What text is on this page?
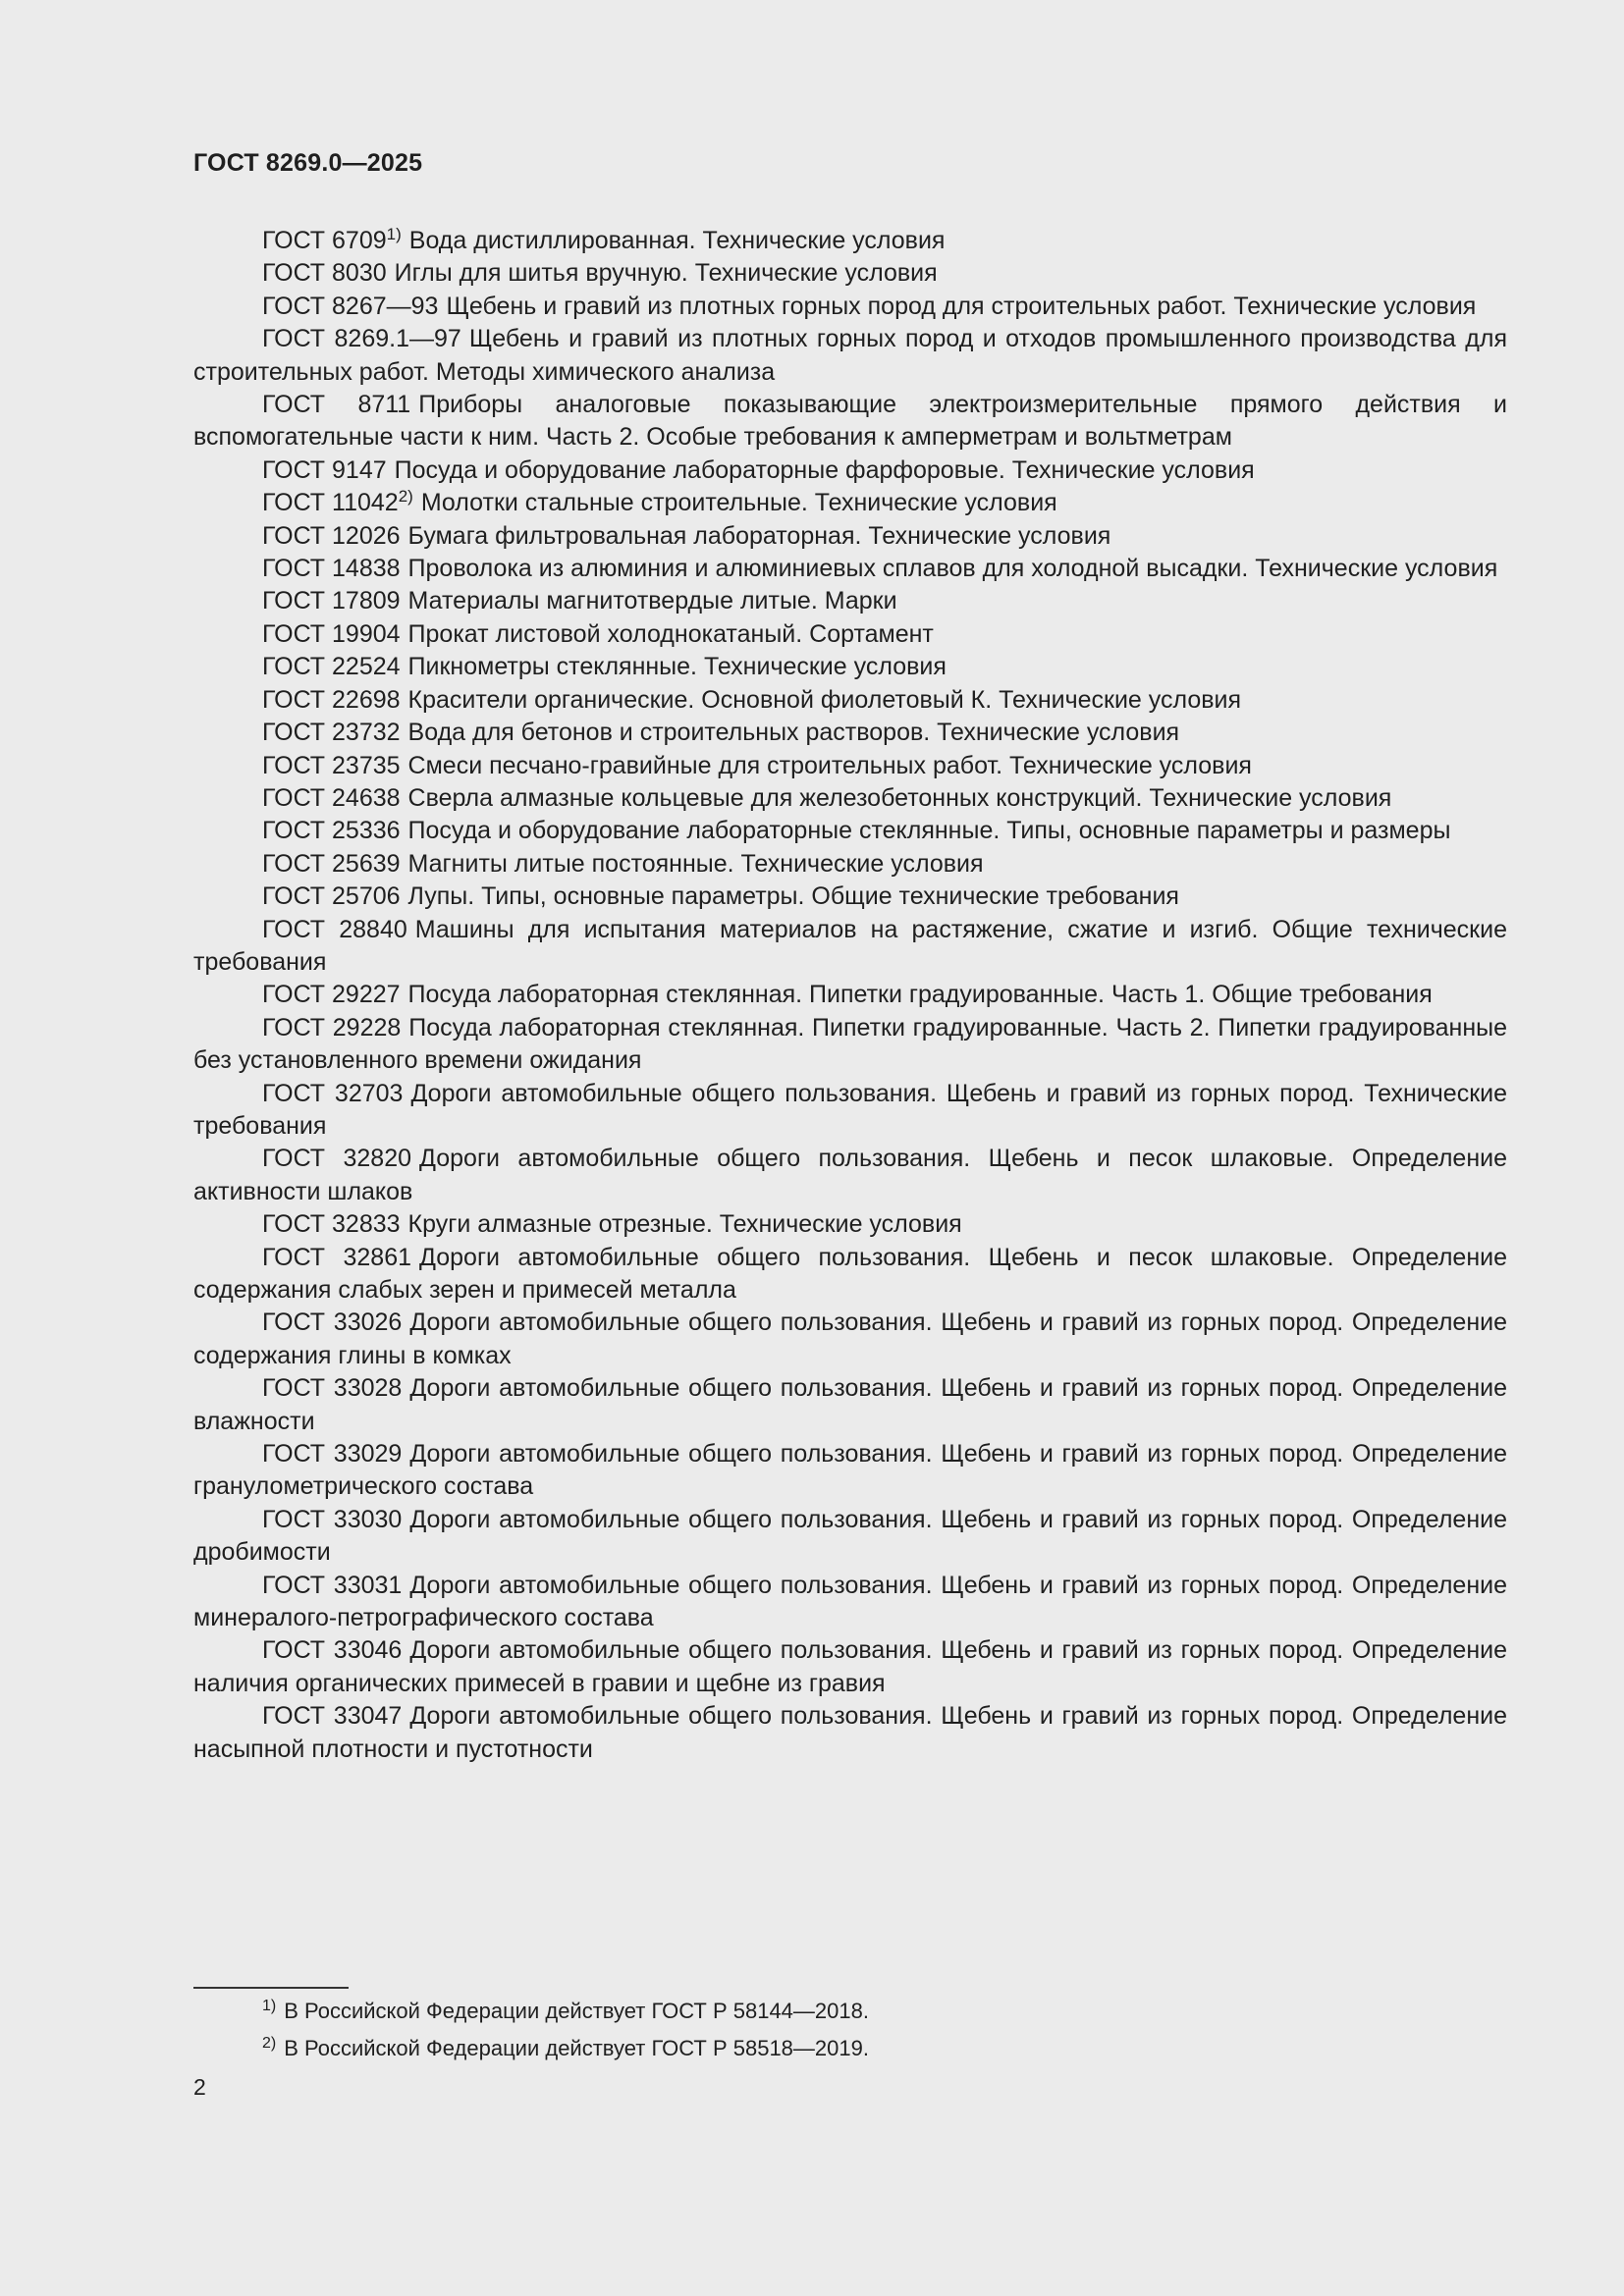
ГОСТ 8269.0—2025

ГОСТ 6709$^{1)}$ Вода дистиллированная. Технические условия

ГОСТ 8030 Иглы для шитья вручную. Технические условия

ГОСТ 8267—93 Щебень и гравий из плотных горных пород для строительных работ. Технические условия

ГОСТ 8269.1—97 Щебень и гравий из плотных горных пород и отходов промышленного производства для строительных работ. Методы химического анализа

ГОСТ 8711 Приборы аналоговые показывающие электроизмерительные прямого действия и вспомогательные части к ним. Часть 2. Особые требования к амперметрам и вольтметрам

ГОСТ 9147 Посуда и оборудование лабораторные фарфоровые. Технические условия

ГОСТ 11042$^{2)}$ Молотки стальные строительные. Технические условия

ГОСТ 12026 Бумага фильтровальная лабораторная. Технические условия

ГОСТ 14838 Проволока из алюминия и алюминиевых сплавов для холодной высадки. Технические условия

ГОСТ 17809 Материалы магнитотвердые литые. Марки

ГОСТ 19904 Прокат листовой холоднокатаный. Сортамент

ГОСТ 22524 Пикнометры стеклянные. Технические условия

ГОСТ 22698 Красители органические. Основной фиолетовый К. Технические условия

ГОСТ 23732 Вода для бетонов и строительных растворов. Технические условия

ГОСТ 23735 Смеси песчано-гравийные для строительных работ. Технические условия

ГОСТ 24638 Сверла алмазные кольцевые для железобетонных конструкций. Технические условия

ГОСТ 25336 Посуда и оборудование лабораторные стеклянные. Типы, основные параметры и размеры

ГОСТ 25639 Магниты литые постоянные. Технические условия

ГОСТ 25706 Лупы. Типы, основные параметры. Общие технические требования

ГОСТ 28840 Машины для испытания материалов на растяжение, сжатие и изгиб. Общие технические требования

ГОСТ 29227 Посуда лабораторная стеклянная. Пипетки градуированные. Часть 1. Общие требования

ГОСТ 29228 Посуда лабораторная стеклянная. Пипетки градуированные. Часть 2. Пипетки градуированные без установленного времени ожидания

ГОСТ 32703 Дороги автомобильные общего пользования. Щебень и гравий из горных пород. Технические требования

ГОСТ 32820 Дороги автомобильные общего пользования. Щебень и песок шлаковые. Определение активности шлаков

ГОСТ 32833 Круги алмазные отрезные. Технические условия

ГОСТ 32861 Дороги автомобильные общего пользования. Щебень и песок шлаковые. Определение содержания слабых зерен и примесей металла

ГОСТ 33026 Дороги автомобильные общего пользования. Щебень и гравий из горных пород. Определение содержания глины в комках

ГОСТ 33028 Дороги автомобильные общего пользования. Щебень и гравий из горных пород. Определение влажности

ГОСТ 33029 Дороги автомобильные общего пользования. Щебень и гравий из горных пород. Определение гранулометрического состава

ГОСТ 33030 Дороги автомобильные общего пользования. Щебень и гравий из горных пород. Определение дробимости

ГОСТ 33031 Дороги автомобильные общего пользования. Щебень и гравий из горных пород. Определение минералого-петрографического состава

ГОСТ 33046 Дороги автомобильные общего пользования. Щебень и гравий из горных пород. Определение наличия органических примесей в гравии и щебне из гравия

ГОСТ 33047 Дороги автомобильные общего пользования. Щебень и гравий из горных пород. Определение насыпной плотности и пустотности

$^{1)}$ В Российской Федерации действует ГОСТ Р 58144—2018.
$^{2)}$ В Российской Федерации действует ГОСТ Р 58518—2019.
2
